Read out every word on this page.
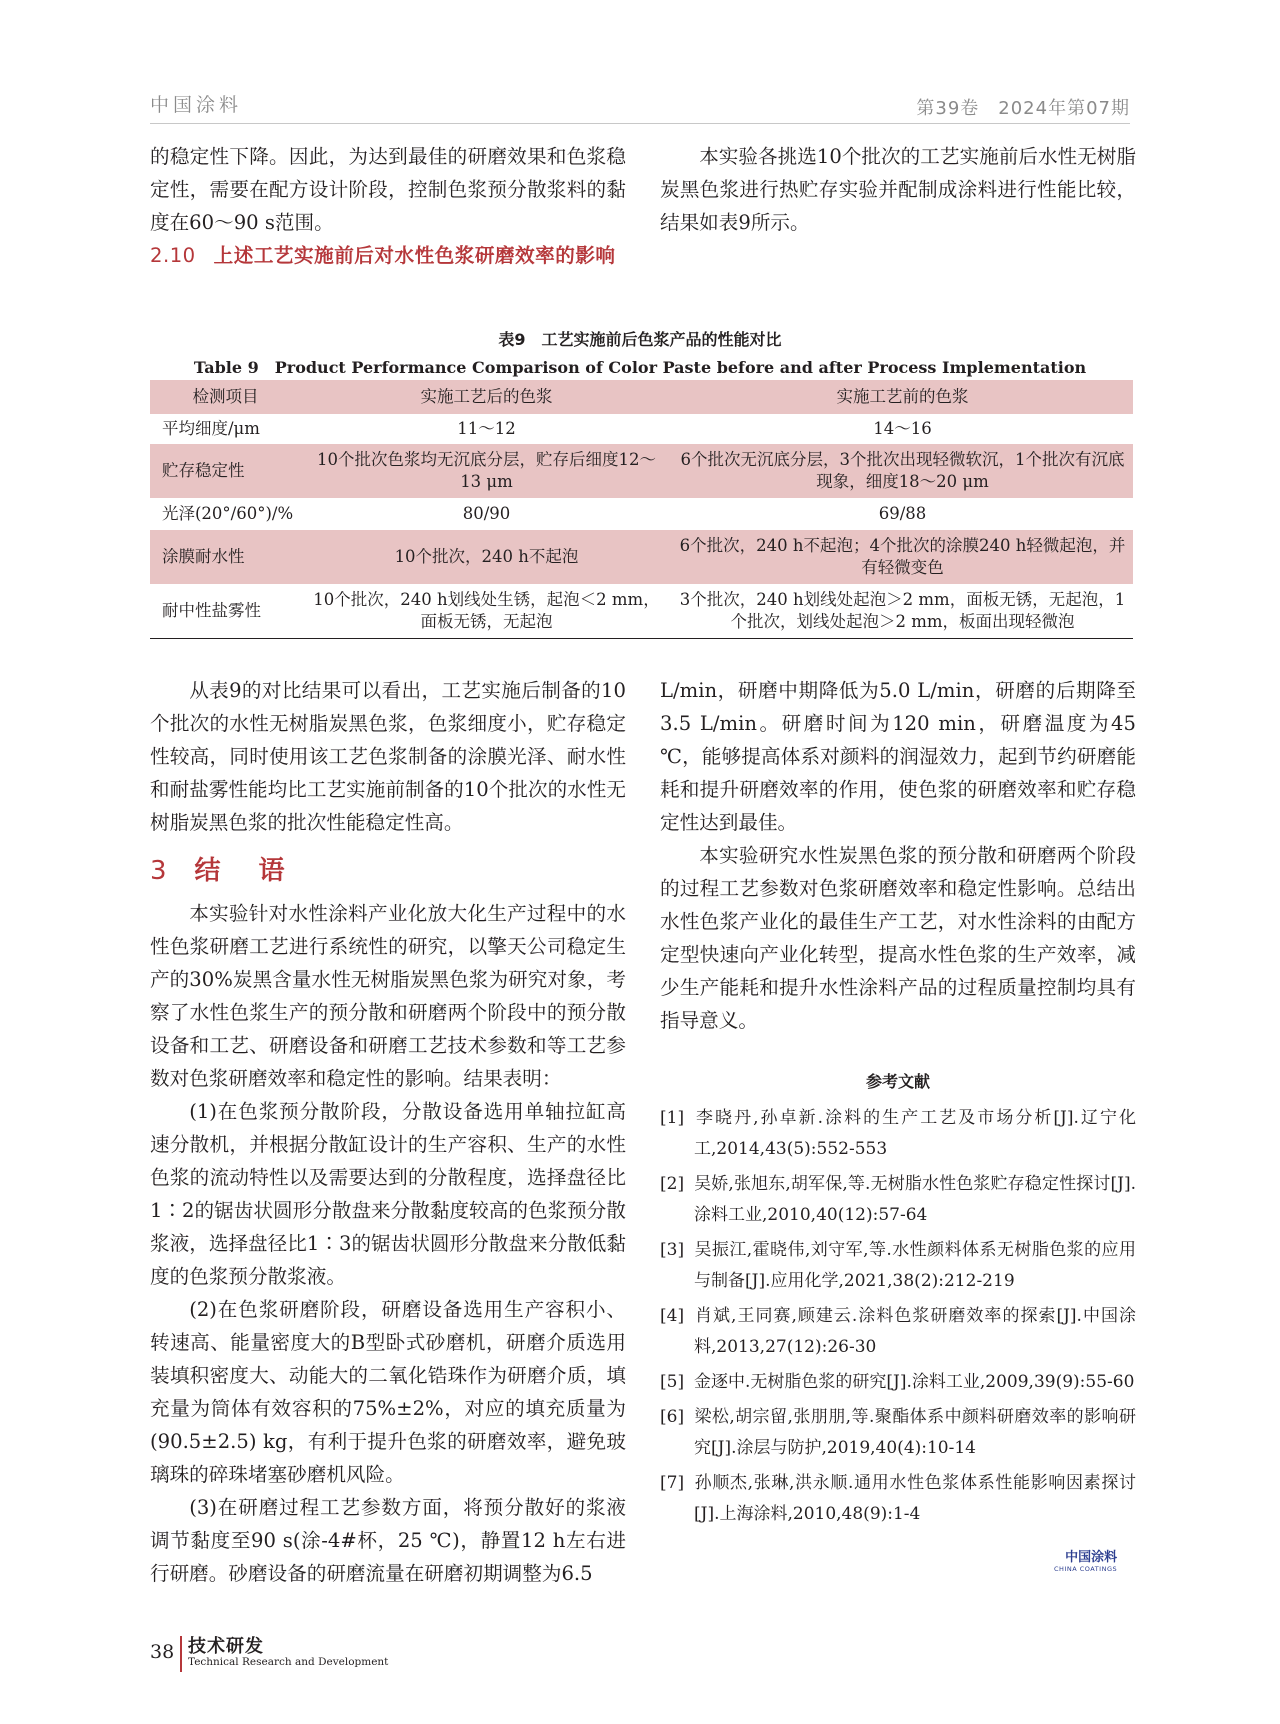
中国涂料	第39卷　2024年第07期

的稳定性下降。因此，为达到最佳的研磨效果和色浆稳定性，需要在配方设计阶段，控制色浆预分散浆料的黏度在60～90 s范围。

2.10 上述工艺实施前后对水性色浆研磨效率的影响

本实验各挑选10个批次的工艺实施前后水性无树脂炭黑色浆进行热贮存实验并配制成涂料进行性能比较，结果如表9所示。

表9　工艺实施前后色浆产品的性能对比
Table 9　Product Performance Comparison of Color Paste before and after Process Implementation
检测项目	实施工艺后的色浆	实施工艺前的色浆
平均细度/μm	11～12	14～16
贮存稳定性	10个批次色浆均无沉底分层，贮存后细度12～13 μm	6个批次无沉底分层，3个批次出现轻微软沉，1个批次有沉底现象，细度18～20 μm
光泽(20°/60°)/%	80/90	69/88
涂膜耐水性	10个批次，240 h不起泡	6个批次，240 h不起泡；4个批次的涂膜240 h轻微起泡，并有轻微变色
耐中性盐雾性	10个批次，240 h划线处生锈，起泡＜2 mm，面板无锈，无起泡	3个批次，240 h划线处起泡＞2 mm，面板无锈，无起泡，1个批次，划线处起泡＞2 mm，板面出现轻微泡

从表9的对比结果可以看出，工艺实施后制备的10个批次的水性无树脂炭黑色浆，色浆细度小，贮存稳定性较高，同时使用该工艺色浆制备的涂膜光泽、耐水性和耐盐雾性能均比工艺实施前制备的10个批次的水性无树脂炭黑色浆的批次性能稳定性高。

3 结　语

本实验针对水性涂料产业化放大化生产过程中的水性色浆研磨工艺进行系统性的研究，以擎天公司稳定生产的30%炭黑含量水性无树脂炭黑色浆为研究对象，考察了水性色浆生产的预分散和研磨两个阶段中的预分散设备和工艺、研磨设备和研磨工艺技术参数和等工艺参数对色浆研磨效率和稳定性的影响。结果表明：

(1)在色浆预分散阶段，分散设备选用单轴拉缸高速分散机，并根据分散缸设计的生产容积、生产的水性色浆的流动特性以及需要达到的分散程度，选择盘径比1∶2的锯齿状圆形分散盘来分散黏度较高的色浆预分散浆液，选择盘径比1∶3的锯齿状圆形分散盘来分散低黏度的色浆预分散浆液。

(2)在色浆研磨阶段，研磨设备选用生产容积小、转速高、能量密度大的B型卧式砂磨机，研磨介质选用装填积密度大、动能大的二氧化锆珠作为研磨介质，填充量为筒体有效容积的75%±2%，对应的填充质量为(90.5±2.5) kg，有利于提升色浆的研磨效率，避免玻璃珠的碎珠堵塞砂磨机风险。

(3)在研磨过程工艺参数方面，将预分散好的浆液调节黏度至90 s(涂-4#杯，25 ℃)，静置12 h左右进行研磨。砂磨设备的研磨流量在研磨初期调整为6.5

L/min，研磨中期降低为5.0 L/min，研磨的后期降至3.5 L/min。研磨时间为120 min，研磨温度为45 ℃，能够提高体系对颜料的润湿效力，起到节约研磨能耗和提升研磨效率的作用，使色浆的研磨效率和贮存稳定性达到最佳。

本实验研究水性炭黑色浆的预分散和研磨两个阶段的过程工艺参数对色浆研磨效率和稳定性影响。总结出水性色浆产业化的最佳生产工艺，对水性涂料的由配方定型快速向产业化转型，提高水性色浆的生产效率，减少生产能耗和提升水性涂料产品的过程质量控制均具有指导意义。

参考文献

[1] 李晓丹,孙卓新.涂料的生产工艺及市场分析[J].辽宁化工,2014,43(5):552-553

[2] 吴娇,张旭东,胡军保,等.无树脂水性色浆贮存稳定性探讨[J].涂料工业,2010,40(12):57-64

[3] 吴振江,霍晓伟,刘守军,等.水性颜料体系无树脂色浆的应用与制备[J].应用化学,2021,38(2):212-219

[4] 肖斌,王同赛,顾建云.涂料色浆研磨效率的探索[J].中国涂料,2013,27(12):26-30

[5] 金逐中.无树脂色浆的研究[J].涂料工业,2009,39(9):55-60

[6] 梁松,胡宗留,张朋朋,等.聚酯体系中颜料研磨效率的影响研究[J].涂层与防护,2019,40(4):10-14

[7] 孙顺杰,张琳,洪永顺.通用水性色浆体系性能影响因素探讨[J].上海涂料,2010,48(9):1-4

中国涂料
CHINA COATINGS
38 技术研发
Technical Research and Development
